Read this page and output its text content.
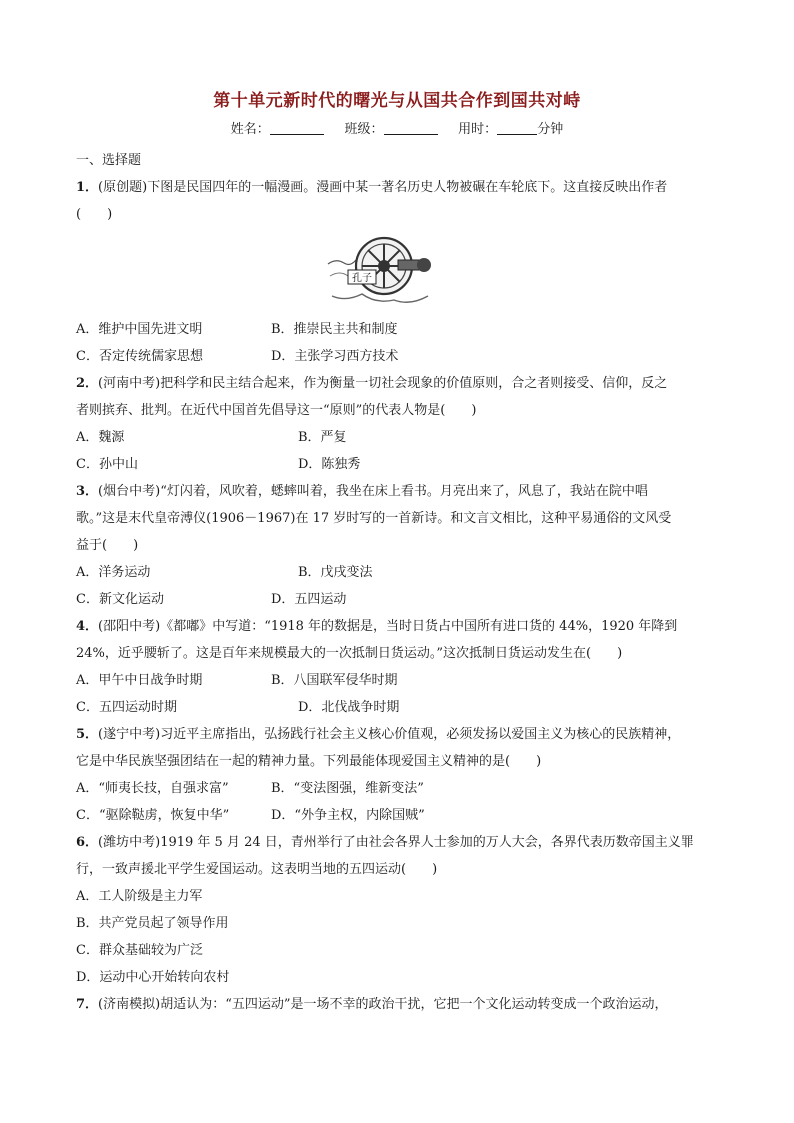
第十单元新时代的曙光与从国共合作到国共对峙
姓名：	班级：	用时：	分钟
一、选择题
1．(原创题)下图是民国四年的一幅漫画。漫画中某一著名历史人物被碾在车轮底下。这直接反映出作者
(　　)
孔子
A．维护中国先进文明	B．推崇民主共和制度
C．否定传统儒家思想	D．主张学习西方技术
2．(河南中考)把科学和民主结合起来，作为衡量一切社会现象的价值原则，合之者则接受、信仰，反之
者则摈弃、批判。在近代中国首先倡导这一“原则”的代表人物是(　　)
A．魏源	B．严复
C．孙中山	D．陈独秀
3．(烟台中考)“灯闪着，风吹着，蟋蟀叫着，我坐在床上看书。月亮出来了，风息了，我站在院中唱
歌。”这是末代皇帝溥仪(1906－1967)在 17 岁时写的一首新诗。和文言文相比，这种平易通俗的文风受
益于(　　)
A．洋务运动	B．戊戌变法
C．新文化运动	D．五四运动
4．(邵阳中考)《都嘟》中写道：“1918 年的数据是，当时日货占中国所有进口货的 44%，1920 年降到
24%，近乎腰斩了。这是百年来规模最大的一次抵制日货运动。”这次抵制日货运动发生在(　　)
A．甲午中日战争时期	B．八国联军侵华时期
C．五四运动时期	D．北伐战争时期
5．(遂宁中考)习近平主席指出，弘扬践行社会主义核心价值观，必须发扬以爱国主义为核心的民族精神，
它是中华民族坚强团结在一起的精神力量。下列最能体现爱国主义精神的是(　　)
A．“师夷长技，自强求富”	B．“变法图强，维新变法”
C．“驱除鞑虏，恢复中华”	D．“外争主权，内除国贼”
6．(潍坊中考)1919 年 5 月 24 日，青州举行了由社会各界人士参加的万人大会，各界代表历数帝国主义罪
行，一致声援北平学生爱国运动。这表明当地的五四运动(　　)
A．工人阶级是主力军
B．共产党员起了领导作用
C．群众基础较为广泛
D．运动中心开始转向农村
7．(济南模拟)胡适认为：“五四运动”是一场不幸的政治干扰，它把一个文化运动转变成一个政治运动，
